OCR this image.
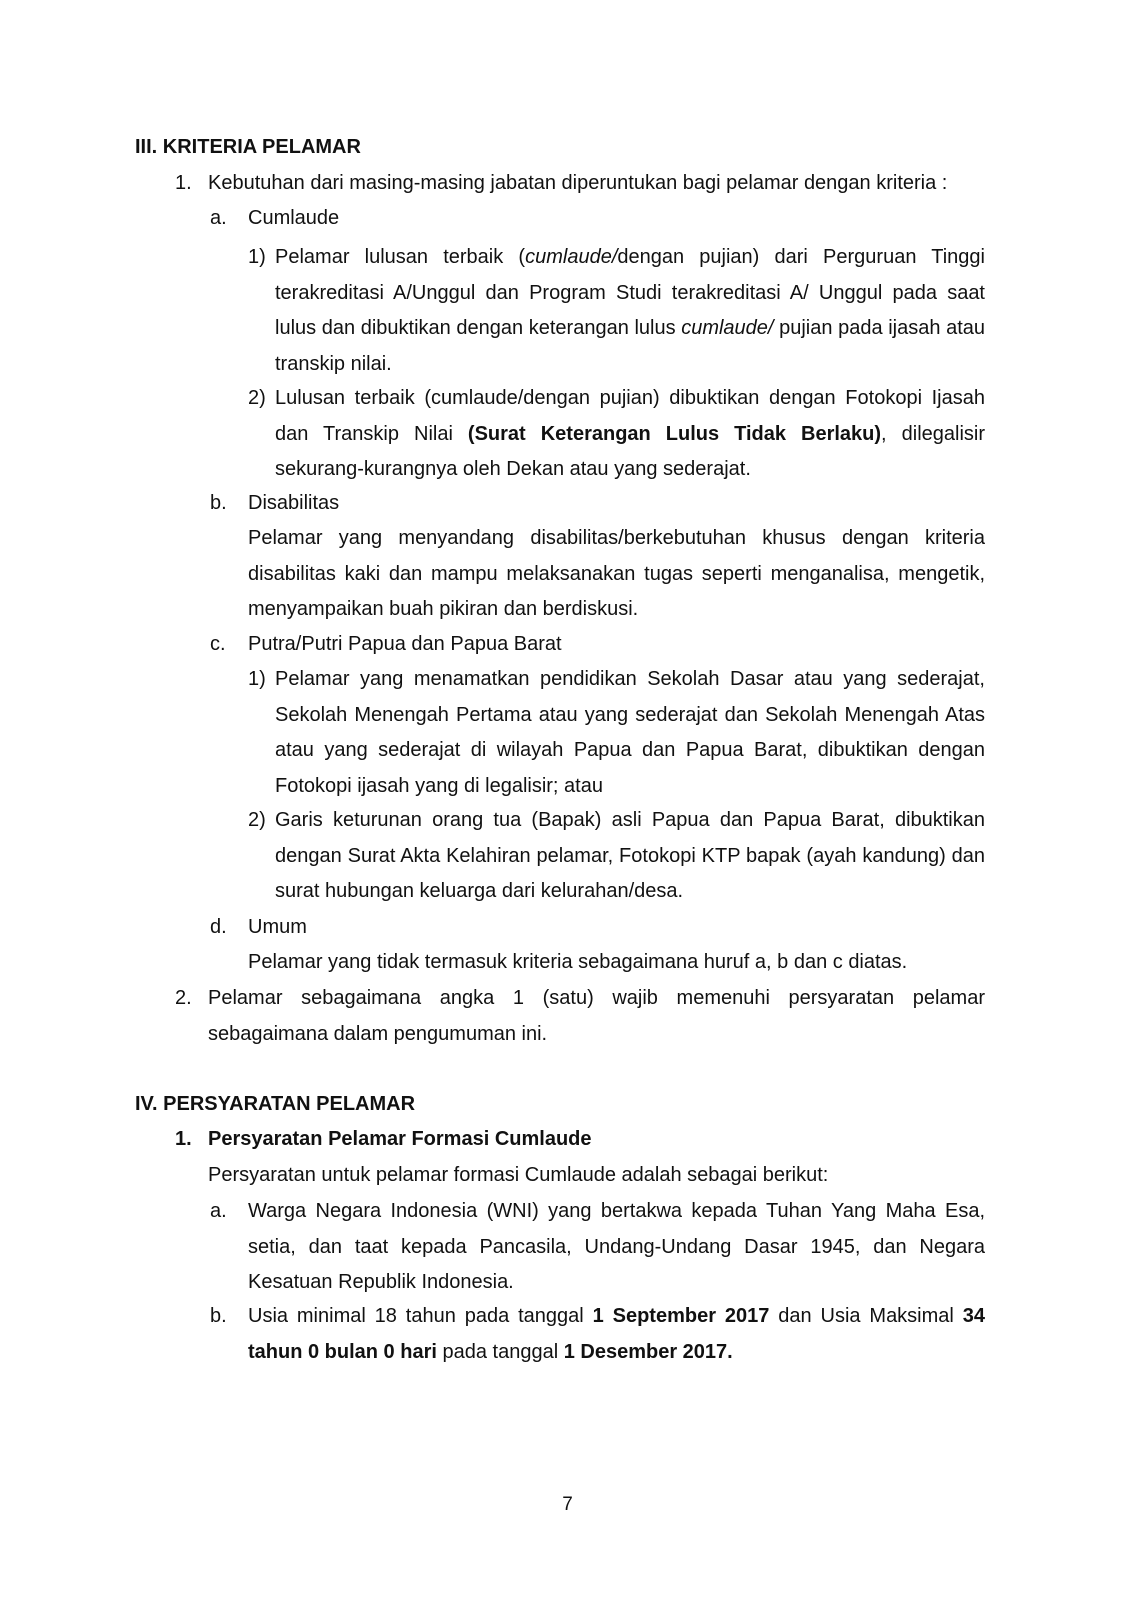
III. KRITERIA PELAMAR
1. Kebutuhan dari masing-masing jabatan diperuntukan bagi pelamar dengan kriteria :
a. Cumlaude
1) Pelamar lulusan terbaik (cumlaude/dengan pujian) dari Perguruan Tinggi terakreditasi A/Unggul dan Program Studi terakreditasi A/ Unggul pada saat lulus dan dibuktikan dengan keterangan lulus cumlaude/ pujian pada ijasah atau transkip nilai.
2) Lulusan terbaik (cumlaude/dengan pujian) dibuktikan dengan Fotokopi Ijasah dan Transkip Nilai (Surat Keterangan Lulus Tidak Berlaku), dilegalisir sekurang-kurangnya oleh Dekan atau yang sederajat.
b. Disabilitas
Pelamar yang menyandang disabilitas/berkebutuhan khusus dengan kriteria disabilitas kaki dan mampu melaksanakan tugas seperti menganalisa, mengetik, menyampaikan buah pikiran dan berdiskusi.
c. Putra/Putri Papua dan Papua Barat
1) Pelamar yang menamatkan pendidikan Sekolah Dasar atau yang sederajat, Sekolah Menengah Pertama atau yang sederajat dan Sekolah Menengah Atas atau yang sederajat di wilayah Papua dan Papua Barat, dibuktikan dengan Fotokopi ijasah yang di legalisir; atau
2) Garis keturunan orang tua (Bapak) asli Papua dan Papua Barat, dibuktikan dengan Surat Akta Kelahiran pelamar, Fotokopi KTP bapak (ayah kandung) dan surat hubungan keluarga dari kelurahan/desa.
d. Umum
Pelamar yang tidak termasuk kriteria sebagaimana huruf a, b dan c diatas.
2. Pelamar sebagaimana angka 1 (satu) wajib memenuhi persyaratan pelamar sebagaimana dalam pengumuman ini.
IV. PERSYARATAN PELAMAR
1. Persyaratan Pelamar Formasi Cumlaude
Persyaratan untuk pelamar formasi Cumlaude adalah sebagai berikut:
a. Warga Negara Indonesia (WNI) yang bertakwa kepada Tuhan Yang Maha Esa, setia, dan taat kepada Pancasila, Undang-Undang Dasar 1945, dan Negara Kesatuan Republik Indonesia.
b. Usia minimal 18 tahun pada tanggal 1 September 2017 dan Usia Maksimal 34 tahun 0 bulan 0 hari pada tanggal 1 Desember 2017.
7
